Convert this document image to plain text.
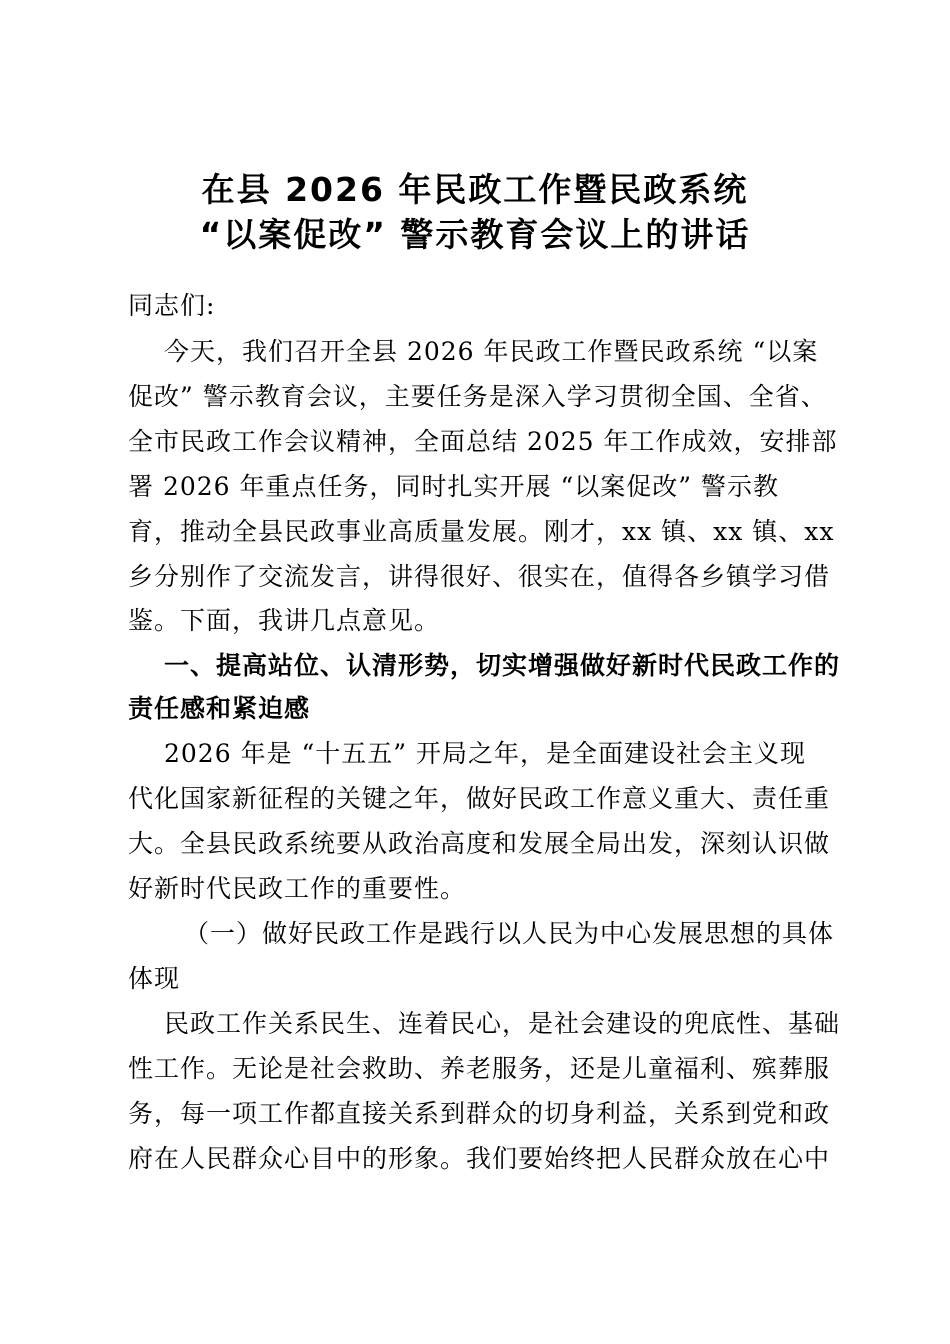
在县 2026 年民政工作暨民政系统
“以案促改” 警示教育会议上的讲话
同志们:
今天，我们召开全县 2026 年民政工作暨民政系统 “以案
促改” 警示教育会议，主要任务是深入学习贯彻全国、全省、
全市民政工作会议精神，全面总结 2025 年工作成效，安排部
署 2026 年重点任务，同时扎实开展 “以案促改” 警示教
育，推动全县民政事业高质量发展。刚才，xx 镇、xx 镇、xx
乡分别作了交流发言，讲得很好、很实在，值得各乡镇学习借
鉴。下面，我讲几点意见。
一、提高站位、认清形势，切实增强做好新时代民政工作的
责任感和紧迫感
2026 年是 “十五五” 开局之年，是全面建设社会主义现
代化国家新征程的关键之年，做好民政工作意义重大、责任重
大。全县民政系统要从政治高度和发展全局出发，深刻认识做
好新时代民政工作的重要性。
（一）做好民政工作是践行以人民为中心发展思想的具体
体现
民政工作关系民生、连着民心，是社会建设的兜底性、基础
性工作。无论是社会救助、养老服务，还是儿童福利、殡葬服
务，每一项工作都直接关系到群众的切身利益，关系到党和政
府在人民群众心目中的形象。我们要始终把人民群众放在心中
